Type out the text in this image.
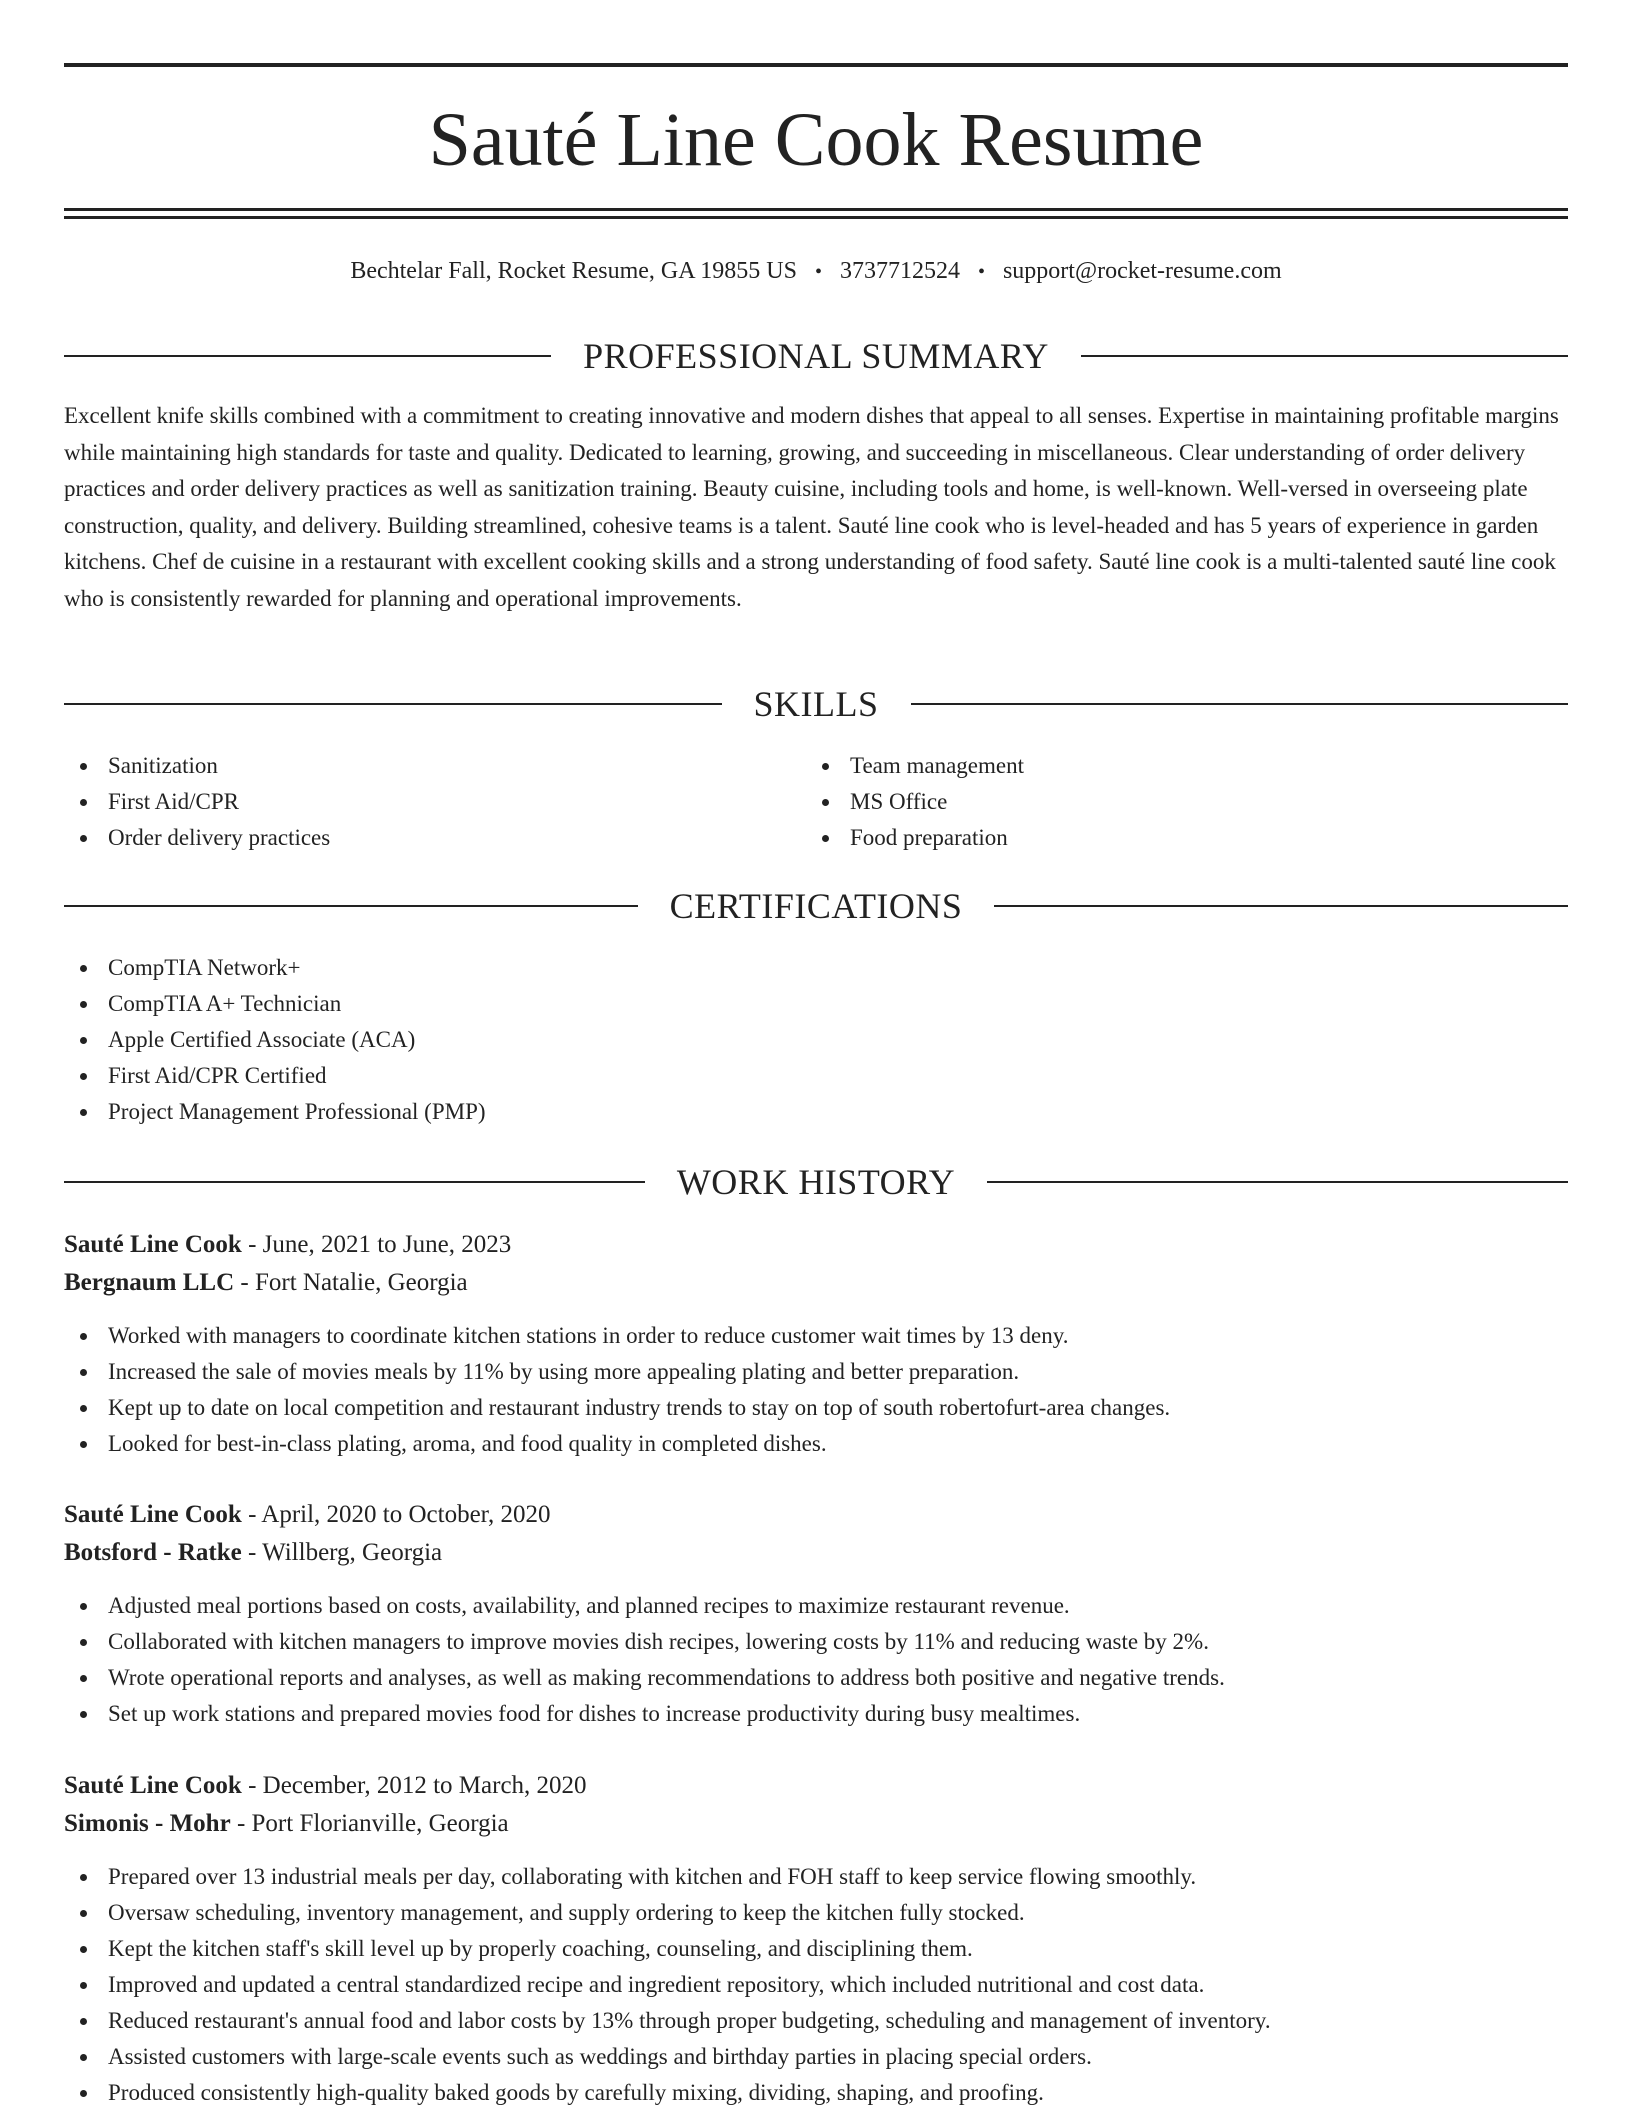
Sauté Line Cook Resume
Bechtelar Fall, Rocket Resume, GA 19855 US • 3737712524 • support@rocket-resume.com
PROFESSIONAL SUMMARY

Excellent knife skills combined with a commitment to creating innovative and modern dishes that appeal to all senses. Expertise in maintaining profitable margins while maintaining high standards for taste and quality. Dedicated to learning, growing, and succeeding in miscellaneous. Clear understanding of order delivery practices and order delivery practices as well as sanitization training. Beauty cuisine, including tools and home, is well-known. Well-versed in overseeing plate construction, quality, and delivery. Building streamlined, cohesive teams is a talent. Sauté line cook who is level-headed and has 5 years of experience in garden kitchens. Chef de cuisine in a restaurant with excellent cooking skills and a strong understanding of food safety. Sauté line cook is a multi-talented sauté line cook who is consistently rewarded for planning and operational improvements.

SKILLS
Sanitization
First Aid/CPR
Order delivery practices
Team management
MS Office
Food preparation
CERTIFICATIONS
CompTIA Network+
CompTIA A+ Technician
Apple Certified Associate (ACA)
First Aid/CPR Certified
Project Management Professional (PMP)
WORK HISTORY
Sauté Line Cook - June, 2021 to June, 2023
Bergnaum LLC - Fort Natalie, Georgia
Worked with managers to coordinate kitchen stations in order to reduce customer wait times by 13 deny.
Increased the sale of movies meals by 11% by using more appealing plating and better preparation.
Kept up to date on local competition and restaurant industry trends to stay on top of south robertofurt-area changes.
Looked for best-in-class plating, aroma, and food quality in completed dishes.
Sauté Line Cook - April, 2020 to October, 2020
Botsford - Ratke - Willberg, Georgia
Adjusted meal portions based on costs, availability, and planned recipes to maximize restaurant revenue.
Collaborated with kitchen managers to improve movies dish recipes, lowering costs by 11% and reducing waste by 2%.
Wrote operational reports and analyses, as well as making recommendations to address both positive and negative trends.
Set up work stations and prepared movies food for dishes to increase productivity during busy mealtimes.
Sauté Line Cook - December, 2012 to March, 2020
Simonis - Mohr - Port Florianville, Georgia
Prepared over 13 industrial meals per day, collaborating with kitchen and FOH staff to keep service flowing smoothly.
Oversaw scheduling, inventory management, and supply ordering to keep the kitchen fully stocked.
Kept the kitchen staff's skill level up by properly coaching, counseling, and disciplining them.
Improved and updated a central standardized recipe and ingredient repository, which included nutritional and cost data.
Reduced restaurant's annual food and labor costs by 13% through proper budgeting, scheduling and management of inventory.
Assisted customers with large-scale events such as weddings and birthday parties in placing special orders.
Produced consistently high-quality baked goods by carefully mixing, dividing, shaping, and proofing.
